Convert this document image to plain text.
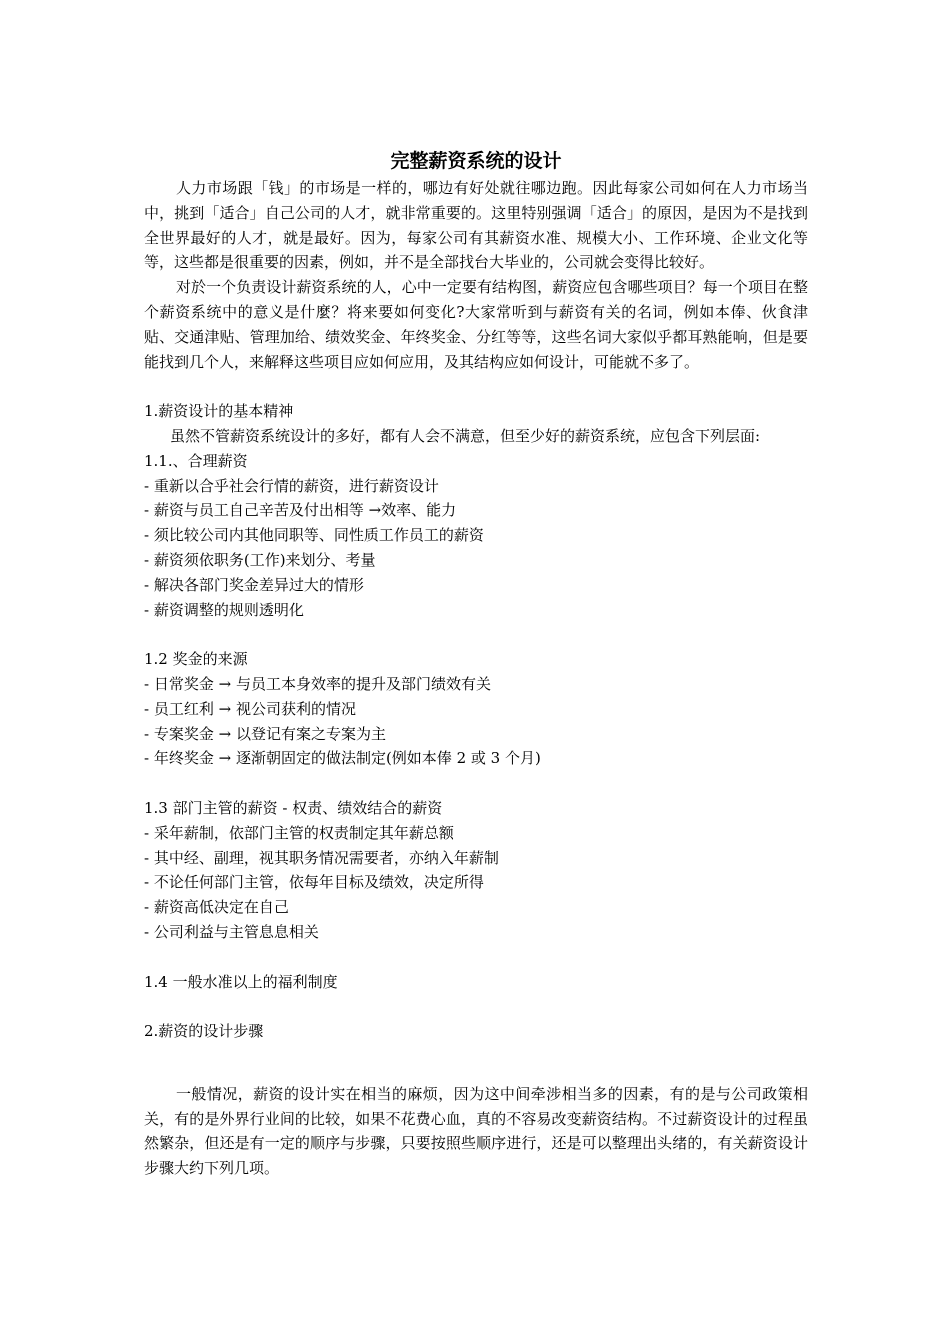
完整薪资系统的设计

人力市场跟「钱」的市场是一样的，哪边有好处就往哪边跑。因此每家公司如何在人力市场当中，挑到「适合」自己公司的人才，就非常重要的。这里特别强调「适合」的原因，是因为不是找到全世界最好的人才，就是最好。因为，每家公司有其薪资水准、规模大小、工作环境、企业文化等等，这些都是很重要的因素，例如，并不是全部找台大毕业的，公司就会变得比较好。

对於一个负责设计薪资系统的人，心中一定要有结构图，薪资应包含哪些项目？每一个项目在整个薪资系统中的意义是什麼？将来要如何变化?大家常听到与薪资有关的名词，例如本俸、伙食津贴、交通津贴、管理加给、绩效奖金、年终奖金、分红等等，这些名词大家似乎都耳熟能响，但是要能找到几个人，来解释这些项目应如何应用，及其结构应如何设计，可能就不多了。

1.薪资设计的基本精神

虽然不管薪资系统设计的多好，都有人会不满意，但至少好的薪资系统，应包含下列层面:

1.1.、合理薪资

- 重新以合乎社会行情的薪资，进行薪资设计

- 薪资与员工自己辛苦及付出相等 →效率、能力

- 须比较公司内其他同职等、同性质工作员工的薪资

- 薪资须依职务(工作)来划分、考量

- 解决各部门奖金差异过大的情形

- 薪资调整的规则透明化

1.2 奖金的来源

- 日常奖金 → 与员工本身效率的提升及部门绩效有关

- 员工红利 → 视公司获利的情况

- 专案奖金 → 以登记有案之专案为主

- 年终奖金 → 逐渐朝固定的做法制定(例如本俸 2 或 3 个月)

1.3 部门主管的薪资 - 权责、绩效结合的薪资

- 采年薪制，依部门主管的权责制定其年薪总额

- 其中经、副理，视其职务情况需要者，亦纳入年薪制

- 不论任何部门主管，依每年目标及绩效，决定所得

- 薪资高低决定在自己

- 公司利益与主管息息相关

1.4 一般水准以上的福利制度

2.薪资的设计步骤

一般情况，薪资的设计实在相当的麻烦，因为这中间牵涉相当多的因素，有的是与公司政策相关，有的是外界行业间的比较，如果不花费心血，真的不容易改变薪资结构。不过薪资设计的过程虽然繁杂，但还是有一定的顺序与步骤，只要按照些顺序进行，还是可以整理出头绪的，有关薪资设计步骤大约下列几项。
